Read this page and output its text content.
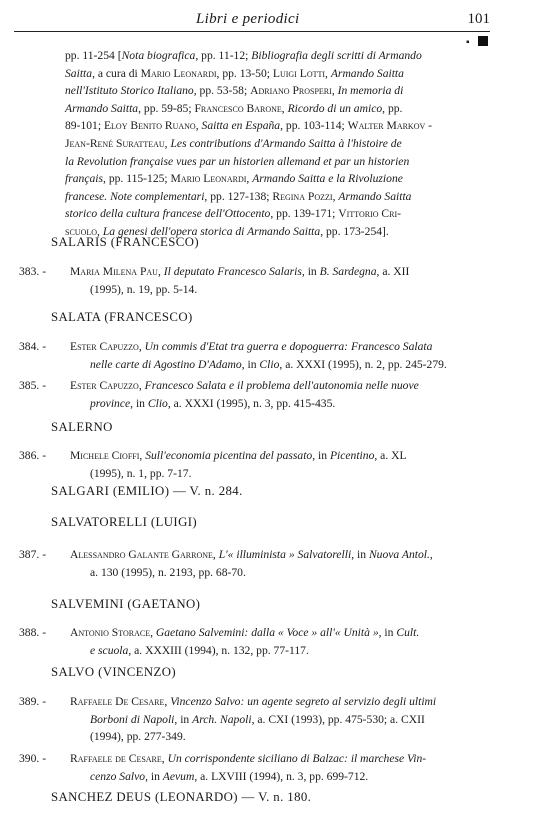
Libri e periodici	101
▪
pp. 11-254 [Nota biografica, pp. 11-12; Bibliografia degli scritti di Armando
Saitta, a cura di Mario Leonardi, pp. 13-50; Luigi Lotti, Armando Saitta
nell'Istituto Storico Italiano, pp. 53-58; Adriano Prosperi, In memoria di
Armando Saitta, pp. 59-85; Francesco Barone, Ricordo di un amico, pp.
89-101; Eloy Benito Ruano, Saitta en España, pp. 103-114; Walter Markov -
Jean-René Suratteau, Les contributions d'Armando Saitta à l'histoire de
la Revolution française vues par un historien allemand et par un historien
français, pp. 115-125; Mario Leonardi, Armando Saitta e la Rivoluzione
francese. Note complementari, pp. 127-138; Regina Pozzi, Armando Saitta
storico della cultura francese dell'Ottocento, pp. 139-171; Vittorio Cri-
scuolo, La genesi dell'opera storica di Armando Saitta, pp. 173-254].
SALARIS (FRANCESCO)
383. - Maria Milena Pau, Il deputato Francesco Salaris, in B. Sardegna, a. XII
(1995), n. 19, pp. 5-14.
SALATA (FRANCESCO)
384. - Ester Capuzzo, Un commis d'Etat tra guerra e dopoguerra: Francesco Salata
nelle carte di Agostino D'Adamo, in Clio, a. XXXI (1995), n. 2, pp. 245-279.
385. - Ester Capuzzo, Francesco Salata e il problema dell'autonomia nelle nuove
province, in Clio, a. XXXI (1995), n. 3, pp. 415-435.
SALERNO
386. - Michele Cioffi, Sull'economia picentina del passato, in Picentino, a. XL
(1995), n. 1, pp. 7-17.
SALGARI (EMILIO) — V. n. 284.
SALVATORELLI (LUIGI)
387. - Alessandro Galante Garrone, L'« illuminista » Salvatorelli, in Nuova Antol.,
a. 130 (1995), n. 2193, pp. 68-70.
SALVEMINI (GAETANO)
388. - Antonio Storace, Gaetano Salvemini: dalla « Voce » all'« Unità », in Cult.
e scuola, a. XXXIII (1994), n. 132, pp. 77-117.
SALVO (VINCENZO)
389. - Raffaele De Cesare, Vincenzo Salvo: un agente segreto al servizio degli ultimi
Borboni di Napoli, in Arch. Napoli, a. CXI (1993), pp. 475-530; a. CXII
(1994), pp. 277-349.
390. - Raffaele de Cesare, Un corrispondente siciliano di Balzac: il marchese Vin-
cenzo Salvo, in Aevum, a. LXVIII (1994), n. 3, pp. 699-712.
SANCHEZ DEUS (LEONARDO) — V. n. 180.
